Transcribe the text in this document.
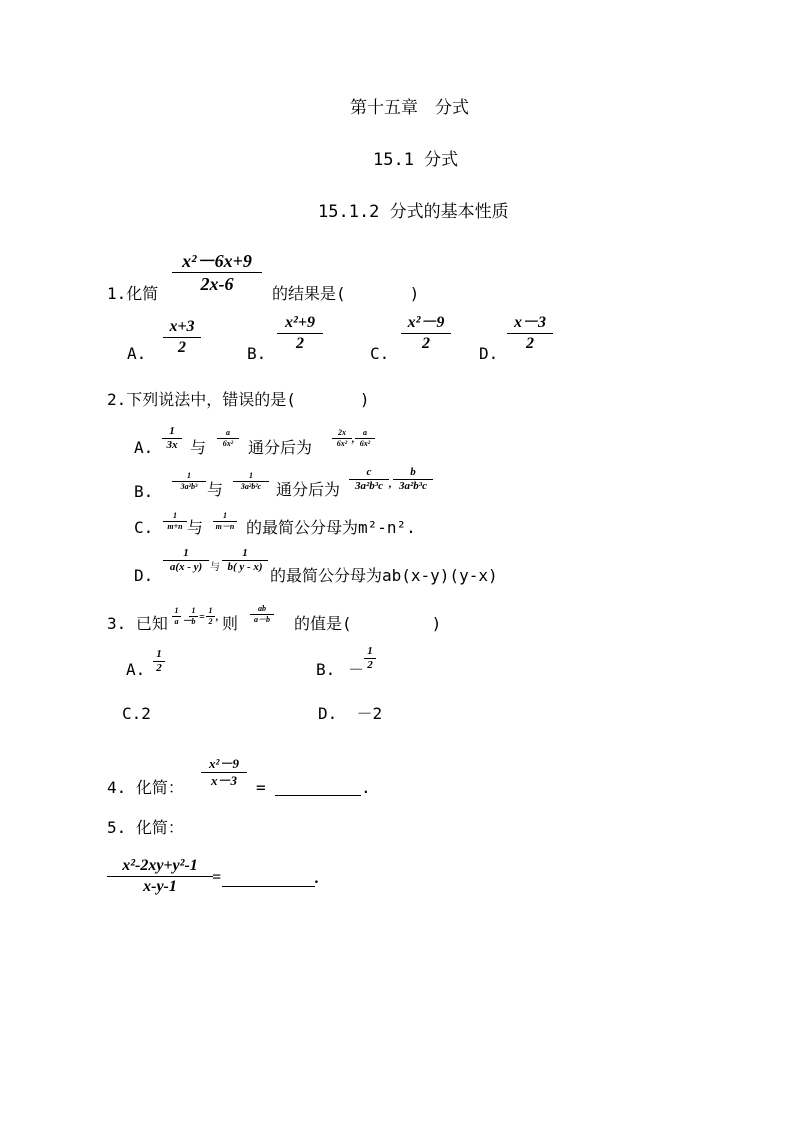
第十五章　分式
15.1 分式
15.1.2 分式的基本性质
1.化简
x²－6x+9
2x-6	的结果是(　　　　)
A.
x+3
2	B.
x²+9
2
C.
x²－9
2
D.
x－3
2
2.下列说法中，错误的是(　　　　)
A.
1
3x 与
a
6x² 通分后为
2x
6x² ,
a
6x²
B.
1
3a²b³ 与
1
3a²b²c 通分后为
c
3a²b³c ,
b
3a²b³c
C.
1
m+n 与
1
m－n 的最简公分母为m²-n².
D.
1
a(x - y) 与
1
b( y - x) 的最简公分母为ab(x-y)(y-x)
3. 已知
1
a －
1
b =
1
2 , 则
ab
a－b 的值是(　　　　　)
A.
1
2	B. －
1
2
C.2	D.  －2
4. 化简：
x²－9
x－3	=	.
5. 化简：
x²-2xy+y²-1
x-y-1
=	.
